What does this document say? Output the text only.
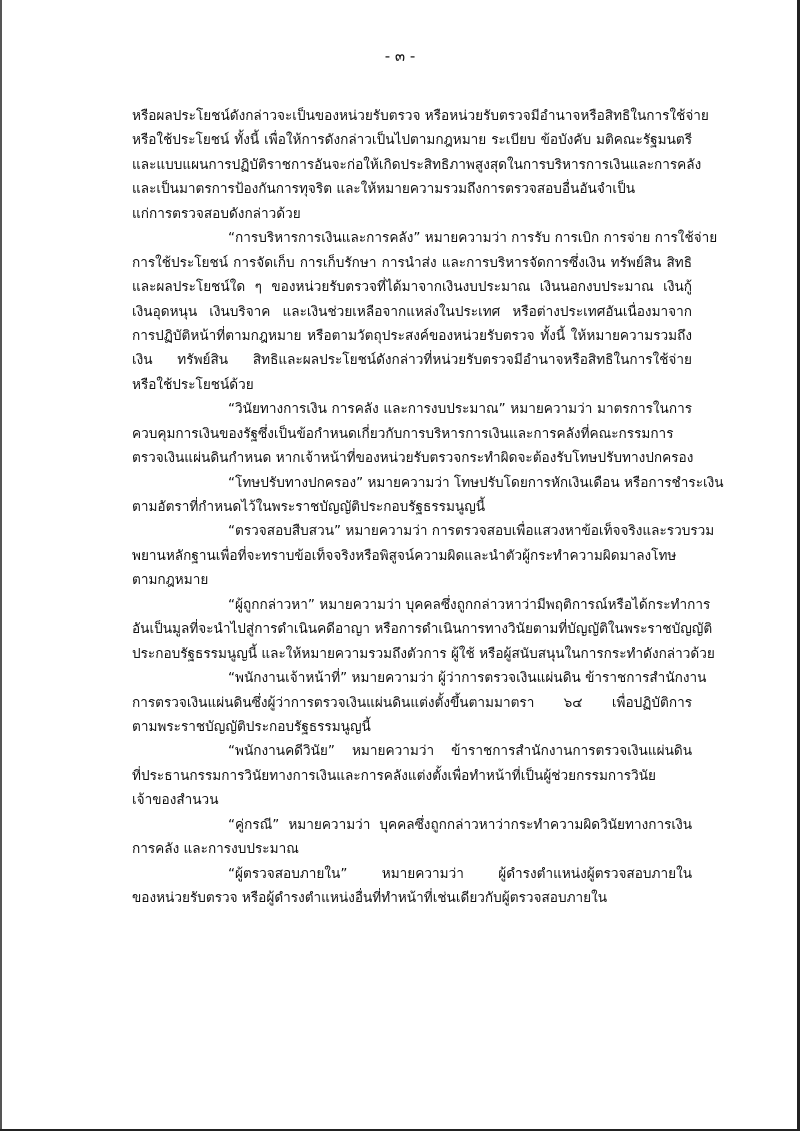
- ๓ -
หรือผลประโยชน์ดังกล่าวจะเป็นของหน่วยรับตรวจ หรือหน่วยรับตรวจมีอำนาจหรือสิทธิในการใช้จ่าย
หรือใช้ประโยชน์ ทั้งนี้ เพื่อให้การดังกล่าวเป็นไปตามกฎหมาย ระเบียบ ข้อบังคับ มติคณะรัฐมนตรี
และแบบแผนการปฏิบัติราชการอันจะก่อให้เกิดประสิทธิภาพสูงสุดในการบริหารการเงินและการคลัง
และเป็นมาตรการป้องกันการทุจริต และให้หมายความรวมถึงการตรวจสอบอื่นอันจำเป็น
แก่การตรวจสอบดังกล่าวด้วย
“การบริหารการเงินและการคลัง” หมายความว่า การรับ การเบิก การจ่าย การใช้จ่าย
การใช้ประโยชน์ การจัดเก็บ การเก็บรักษา การนำส่ง และการบริหารจัดการซึ่งเงิน ทรัพย์สิน สิทธิ
และผลประโยชน์ใด ๆ ของหน่วยรับตรวจที่ได้มาจากเงินงบประมาณ เงินนอกงบประมาณ เงินกู้
เงินอุดหนุน เงินบริจาค และเงินช่วยเหลือจากแหล่งในประเทศ หรือต่างประเทศอันเนื่องมาจาก
การปฏิบัติหน้าที่ตามกฎหมาย หรือตามวัตถุประสงค์ของหน่วยรับตรวจ ทั้งนี้ ให้หมายความรวมถึง
เงิน ทรัพย์สิน สิทธิและผลประโยชน์ดังกล่าวที่หน่วยรับตรวจมีอำนาจหรือสิทธิในการใช้จ่าย
หรือใช้ประโยชน์ด้วย
“วินัยทางการเงิน การคลัง และการงบประมาณ” หมายความว่า มาตรการในการ
ควบคุมการเงินของรัฐซึ่งเป็นข้อกำหนดเกี่ยวกับการบริหารการเงินและการคลังที่คณะกรรมการ
ตรวจเงินแผ่นดินกำหนด หากเจ้าหน้าที่ของหน่วยรับตรวจกระทำผิดจะต้องรับโทษปรับทางปกครอง
“โทษปรับทางปกครอง” หมายความว่า โทษปรับโดยการหักเงินเดือน หรือการชำระเงิน
ตามอัตราที่กำหนดไว้ในพระราชบัญญัติประกอบรัฐธรรมนูญนี้
“ตรวจสอบสืบสวน” หมายความว่า การตรวจสอบเพื่อแสวงหาข้อเท็จจริงและรวบรวม
พยานหลักฐานเพื่อที่จะทราบข้อเท็จจริงหรือพิสูจน์ความผิดและนำตัวผู้กระทำความผิดมาลงโทษ
ตามกฎหมาย
“ผู้ถูกกล่าวหา” หมายความว่า บุคคลซึ่งถูกกล่าวหาว่ามีพฤติการณ์หรือได้กระทำการ
อันเป็นมูลที่จะนำไปสู่การดำเนินคดีอาญา หรือการดำเนินการทางวินัยตามที่บัญญัติในพระราชบัญญัติ
ประกอบรัฐธรรมนูญนี้ และให้หมายความรวมถึงตัวการ ผู้ใช้ หรือผู้สนับสนุนในการกระทำดังกล่าวด้วย
“พนักงานเจ้าหน้าที่” หมายความว่า ผู้ว่าการตรวจเงินแผ่นดิน ข้าราชการสำนักงาน
การตรวจเงินแผ่นดินซึ่งผู้ว่าการตรวจเงินแผ่นดินแต่งตั้งขึ้นตามมาตรา ๖๔ เพื่อปฏิบัติการ
ตามพระราชบัญญัติประกอบรัฐธรรมนูญนี้
“พนักงานคดีวินัย” หมายความว่า ข้าราชการสำนักงานการตรวจเงินแผ่นดิน
ที่ประธานกรรมการวินัยทางการเงินและการคลังแต่งตั้งเพื่อทำหน้าที่เป็นผู้ช่วยกรรมการวินัย
เจ้าของสำนวน
“คู่กรณี” หมายความว่า บุคคลซึ่งถูกกล่าวหาว่ากระทำความผิดวินัยทางการเงิน
การคลัง และการงบประมาณ
“ผู้ตรวจสอบภายใน” หมายความว่า ผู้ดำรงตำแหน่งผู้ตรวจสอบภายใน
ของหน่วยรับตรวจ หรือผู้ดำรงตำแหน่งอื่นที่ทำหน้าที่เช่นเดียวกับผู้ตรวจสอบภายใน
